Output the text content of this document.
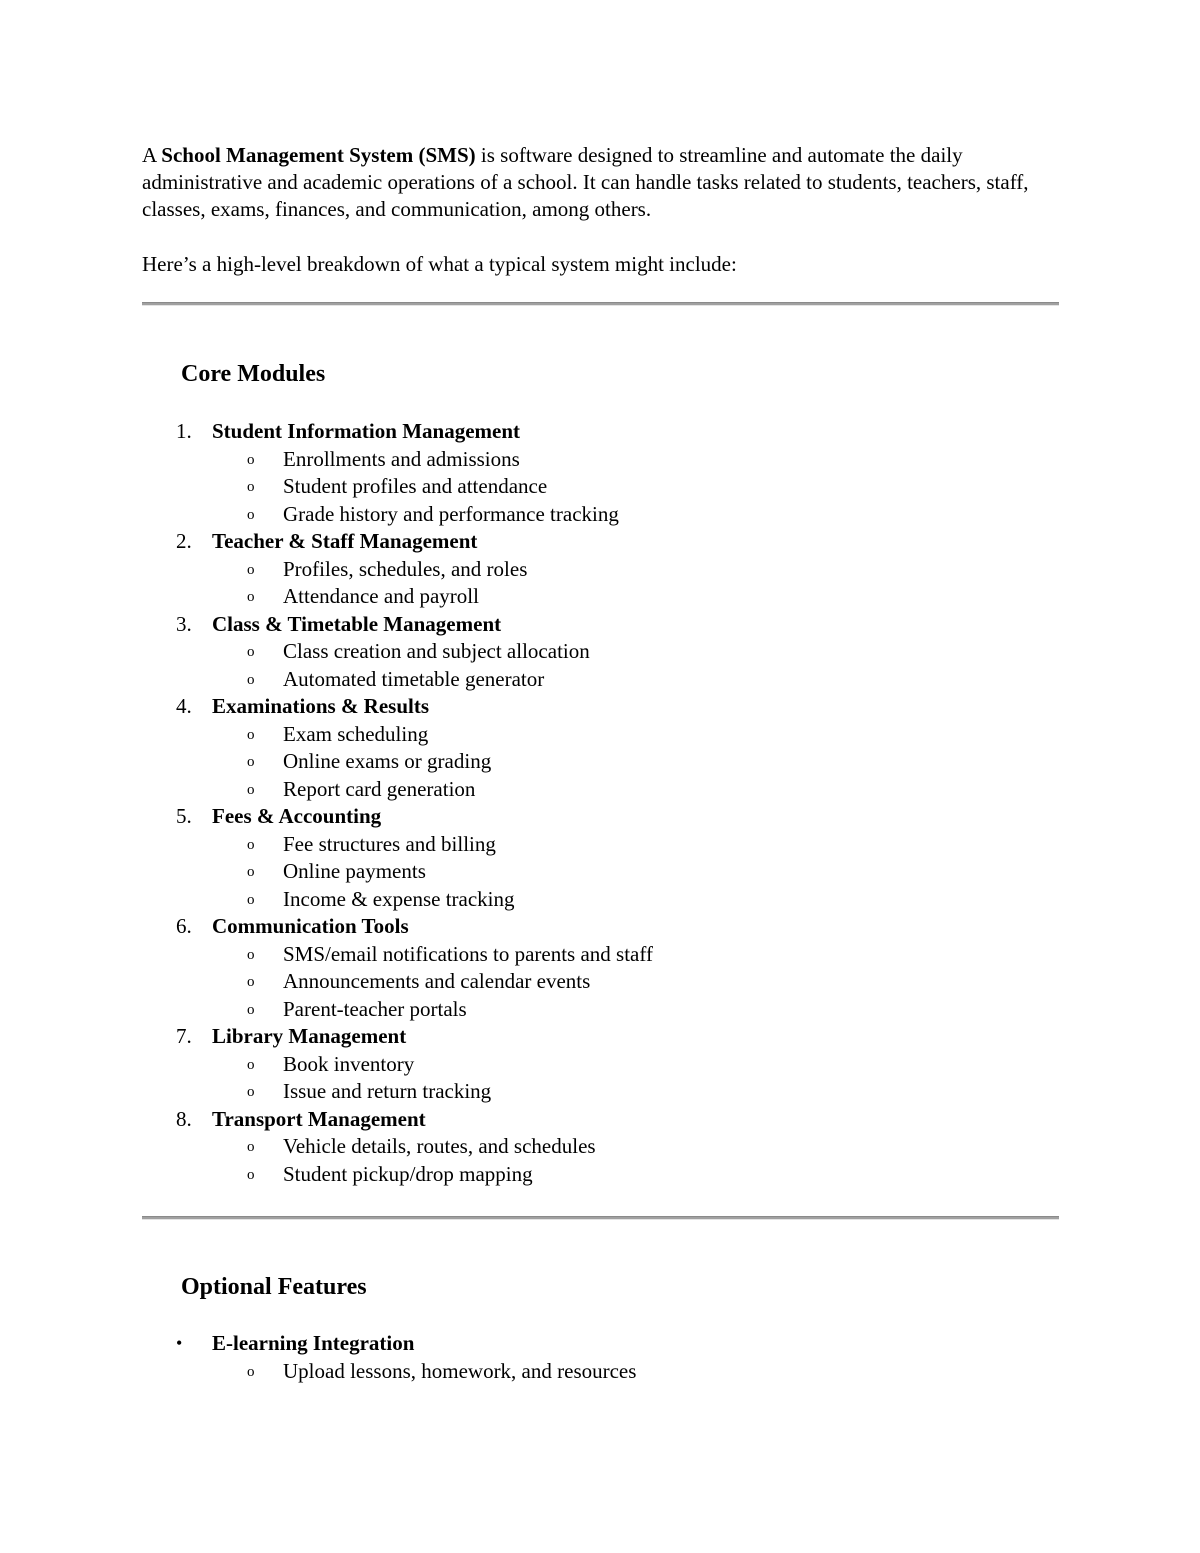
A School Management System (SMS) is software designed to streamline and automate the daily administrative and academic operations of a school. It can handle tasks related to students, teachers, staff, classes, exams, finances, and communication, among others.

Here’s a high-level breakdown of what a typical system might include:

Core Modules
1. Student Information Management
o Enrollments and admissions
o Student profiles and attendance
o Grade history and performance tracking
2. Teacher & Staff Management
o Profiles, schedules, and roles
o Attendance and payroll
3. Class & Timetable Management
o Class creation and subject allocation
o Automated timetable generator
4. Examinations & Results
o Exam scheduling
o Online exams or grading
o Report card generation
5. Fees & Accounting
o Fee structures and billing
o Online payments
o Income & expense tracking
6. Communication Tools
o SMS/email notifications to parents and staff
o Announcements and calendar events
o Parent-teacher portals
7. Library Management
o Book inventory
o Issue and return tracking
8. Transport Management
o Vehicle details, routes, and schedules
o Student pickup/drop mapping
Optional Features
• E-learning Integration
o Upload lessons, homework, and resources
